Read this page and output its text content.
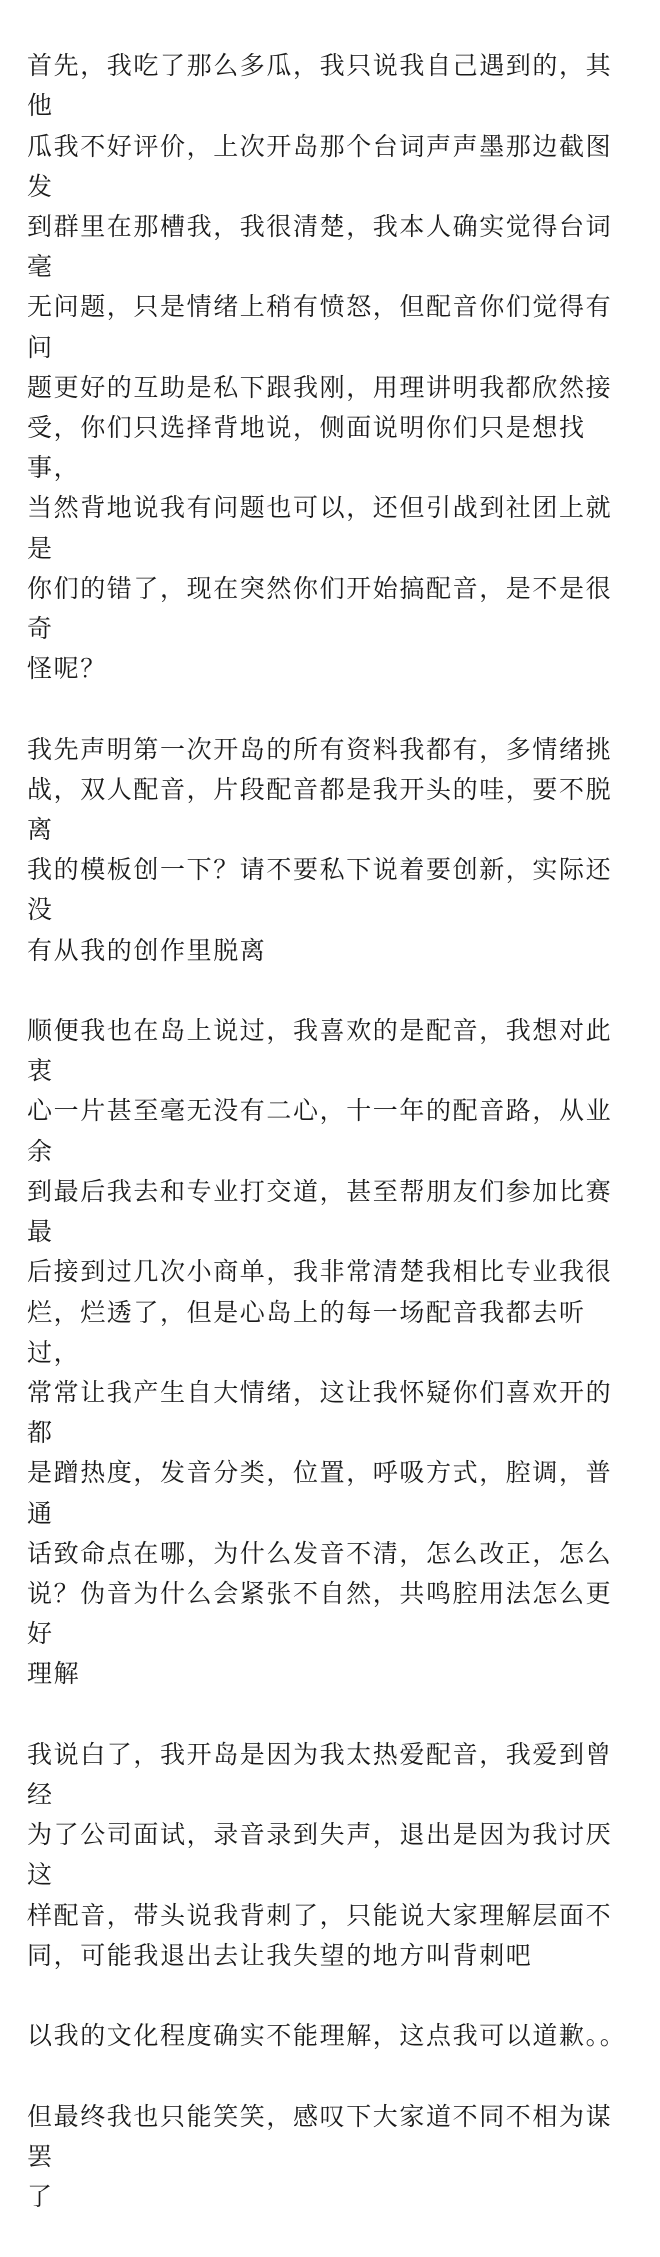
首先，我吃了那么多瓜，我只说我自己遇到的，其他
瓜我不好评价，上次开岛那个台词声声墨那边截图发
到群里在那槽我，我很清楚，我本人确实觉得台词毫
无问题，只是情绪上稍有愤怒，但配音你们觉得有问
题更好的互助是私下跟我刚，用理讲明我都欣然接
受，你们只选择背地说，侧面说明你们只是想找事，
当然背地说我有问题也可以，还但引战到社团上就是
你们的错了，现在突然你们开始搞配音，是不是很奇
怪呢？

我先声明第一次开岛的所有资料我都有，多情绪挑
战，双人配音，片段配音都是我开头的哇，要不脱离
我的模板创一下？请不要私下说着要创新，实际还没
有从我的创作里脱离

顺便我也在岛上说过，我喜欢的是配音，我想对此衷
心一片甚至毫无没有二心，十一年的配音路，从业余
到最后我去和专业打交道，甚至帮朋友们参加比赛最
后接到过几次小商单，我非常清楚我相比专业我很
烂，烂透了，但是心岛上的每一场配音我都去听过，
常常让我产生自大情绪，这让我怀疑你们喜欢开的都
是蹭热度，发音分类，位置，呼吸方式，腔调，普通
话致命点在哪，为什么发音不清，怎么改正，怎么
说？伪音为什么会紧张不自然，共鸣腔用法怎么更好
理解

我说白了，我开岛是因为我太热爱配音，我爱到曾经
为了公司面试，录音录到失声，退出是因为我讨厌这
样配音，带头说我背刺了，只能说大家理解层面不
同，可能我退出去让我失望的地方叫背刺吧

以我的文化程度确实不能理解，这点我可以道歉。。

但最终我也只能笑笑，感叹下大家道不同不相为谋罢
了
